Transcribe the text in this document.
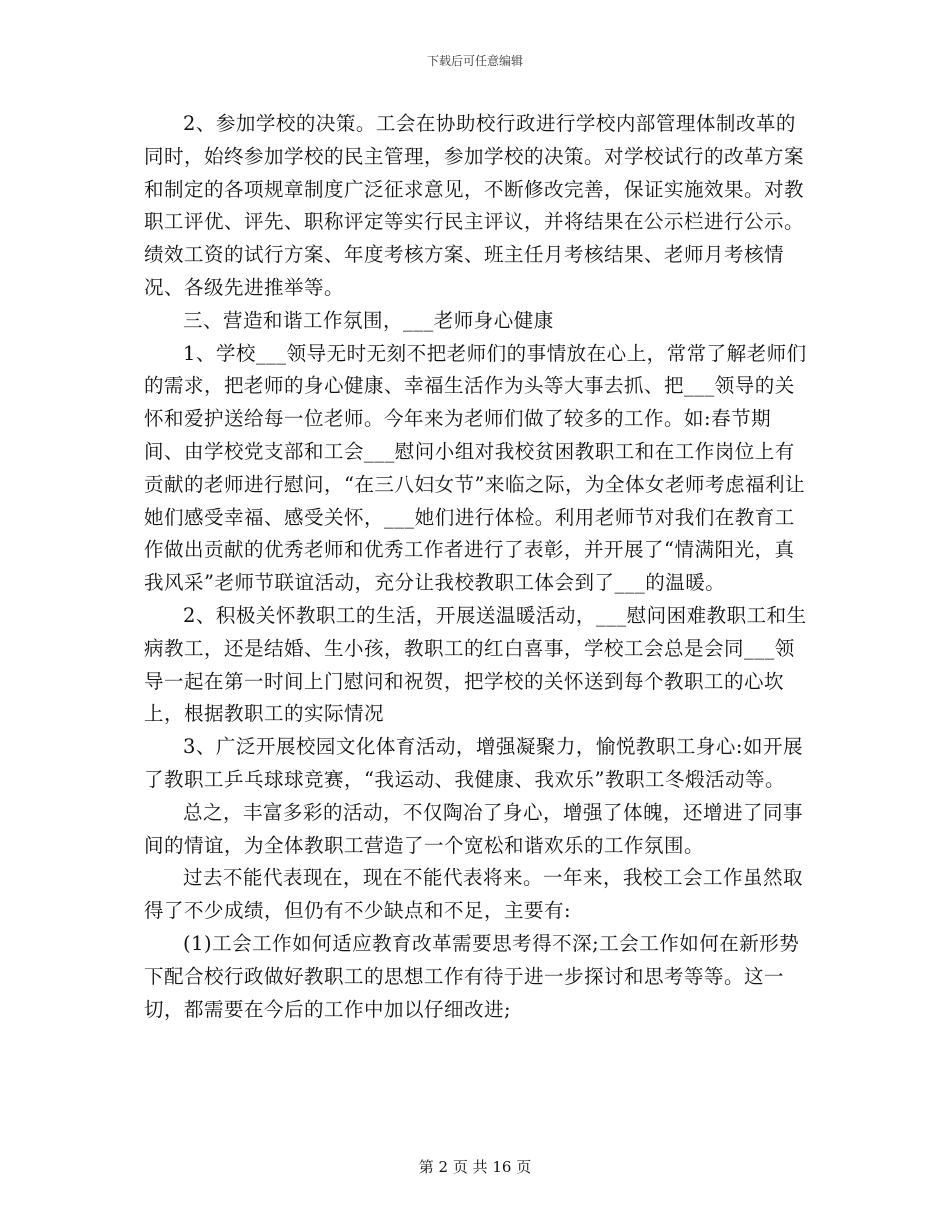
下载后可任意编辑

2、参加学校的决策。工会在协助校行政进行学校内部管理体制改革的同时，始终参加学校的民主管理，参加学校的决策。对学校试行的改革方案和制定的各项规章制度广泛征求意见，不断修改完善，保证实施效果。对教职工评优、评先、职称评定等实行民主评议，并将结果在公示栏进行公示。绩效工资的试行方案、年度考核方案、班主任月考核结果、老师月考核情况、各级先进推举等。

三、营造和谐工作氛围，___老师身心健康

1、学校___领导无时无刻不把老师们的事情放在心上，常常了解老师们的需求，把老师的身心健康、幸福生活作为头等大事去抓、把___领导的关怀和爱护送给每一位老师。今年来为老师们做了较多的工作。如:春节期间、由学校党支部和工会___慰问小组对我校贫困教职工和在工作岗位上有贡献的老师进行慰问，“在三八妇女节”来临之际，为全体女老师考虑福利让她们感受幸福、感受关怀，___她们进行体检。利用老师节对我们在教育工作做出贡献的优秀老师和优秀工作者进行了表彰，并开展了“情满阳光，真我风采”老师节联谊活动，充分让我校教职工体会到了___的温暖。

2、积极关怀教职工的生活，开展送温暖活动，___慰问困难教职工和生病教工，还是结婚、生小孩，教职工的红白喜事，学校工会总是会同___领导一起在第一时间上门慰问和祝贺，把学校的关怀送到每个教职工的心坎上，根据教职工的实际情况

3、广泛开展校园文化体育活动，增强凝聚力，愉悦教职工身心:如开展了教职工乒乓球球竞赛，“我运动、我健康、我欢乐”教职工冬煅活动等。

总之，丰富多彩的活动，不仅陶冶了身心，增强了体魄，还增进了同事间的情谊，为全体教职工营造了一个宽松和谐欢乐的工作氛围。

过去不能代表现在，现在不能代表将来。一年来，我校工会工作虽然取得了不少成绩，但仍有不少缺点和不足，主要有:

(1)工会工作如何适应教育改革需要思考得不深;工会工作如何在新形势下配合校行政做好教职工的思想工作有待于进一步探讨和思考等等。这一切，都需要在今后的工作中加以仔细改进;

第 2 页 共 16 页
